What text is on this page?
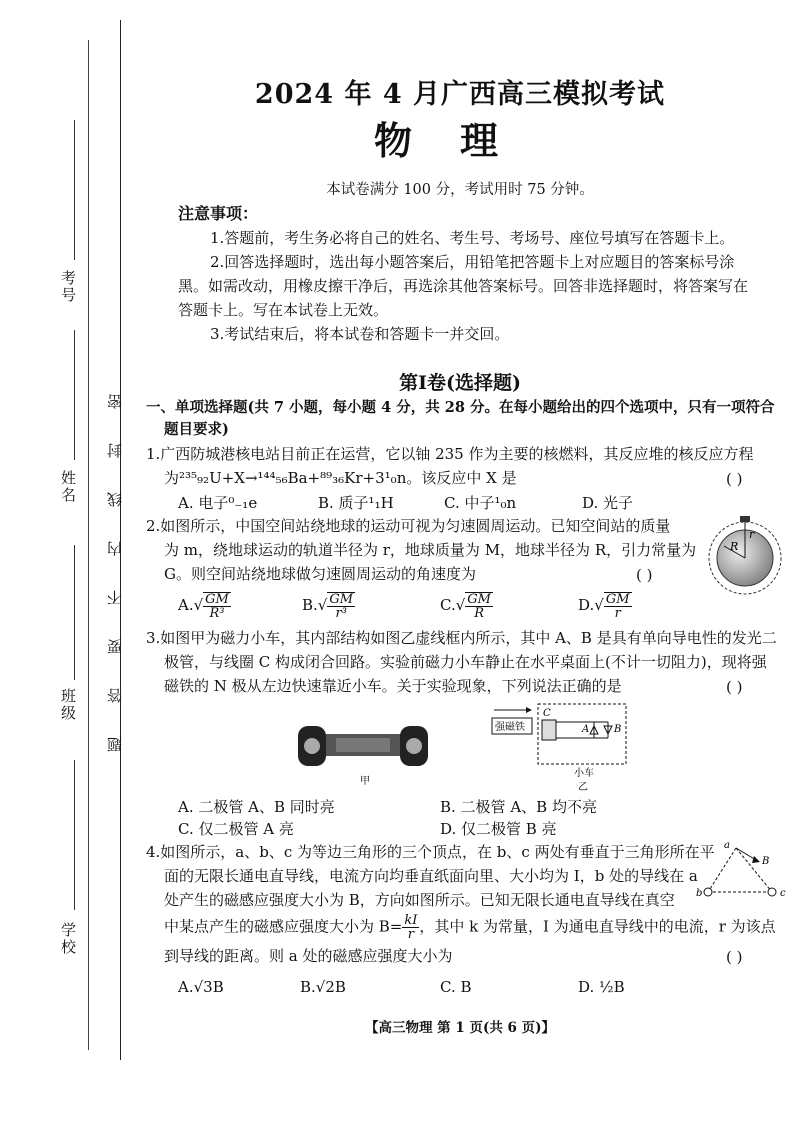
考号
姓名
班级
学校
题答要不内线封密
2024 年 4 月广西高三模拟考试
物理
本试卷满分 100 分，考试用时 75 分钟。
注意事项：
1.答题前，考生务必将自己的姓名、考生号、考场号、座位号填写在答题卡上。
2.回答选择题时，选出每小题答案后，用铅笔把答题卡上对应题目的答案标号涂
黑。如需改动，用橡皮擦干净后，再选涂其他答案标号。回答非选择题时，将答案写在
答题卡上。写在本试卷上无效。
3.考试结束后，将本试卷和答题卡一并交回。
第Ⅰ卷(选择题)
一、单项选择题(共 7 小题，每小题 4 分，共 28 分。在每小题给出的四个选项中，只有一项符合
题目要求)
1.广西防城港核电站目前正在运营，它以铀 235 作为主要的核燃料，其反应堆的核反应方程
为²³⁵₉₂U+X→¹⁴⁴₅₆Ba+⁸⁹₃₆Kr+3¹₀n。该反应中 X 是	( )
A. 电子⁰₋₁e	B. 质子¹₁H	C. 中子¹₀n	D. 光子
2.如图所示，中国空间站绕地球的运动可视为匀速圆周运动。已知空间站的质量
为 m，绕地球运动的轨道半径为 r，地球质量为 M，地球半径为 R，引力常量为
G。则空间站绕地球做匀速圆周运动的角速度为	( )
R
r
$A.√ \frac{GM}{\text{R³}}$	$B.√ \frac{GM}{\text{r³}}$	$C.√ \frac{GM}{R}$	$D.√ \frac{GM}{r}$
3.如图甲为磁力小车，其内部结构如图乙虚线框内所示，其中 A、B 是具有单向导电性的发光二
极管，与线圈 C 构成闭合回路。实验前磁力小车静止在水平桌面上(不计一切阻力)，现将强
磁铁的 N 极从左边快速靠近小车。关于实验现象，下列说法正确的是	( )
甲
强磁铁
C
A B
小车
乙
A. 二极管 A、B 同时亮	B. 二极管 A、B 均不亮
C. 仅二极管 A 亮	D. 仅二极管 B 亮
4.如图所示，a、b、c 为等边三角形的三个顶点，在 b、c 两处有垂直于三角形所在平
面的无限长通电直导线，电流方向均垂直纸面向里、大小均为 I，b 处的导线在 a
处产生的磁感应强度大小为 B，方向如图所示。已知无限长通电直导线在真空
中某点产生的磁感应强度大小为 $B= \frac{kI}{r}$ ，其中 k 为常量，I 为通电直导线中的电流，r 为该点
到导线的距离。则 a 处的磁感应强度大小为	( )
a
b	c
B
A.√3B	B.√2B	C. B	D. ½B
【高三物理 第 1 页(共 6 页)】
